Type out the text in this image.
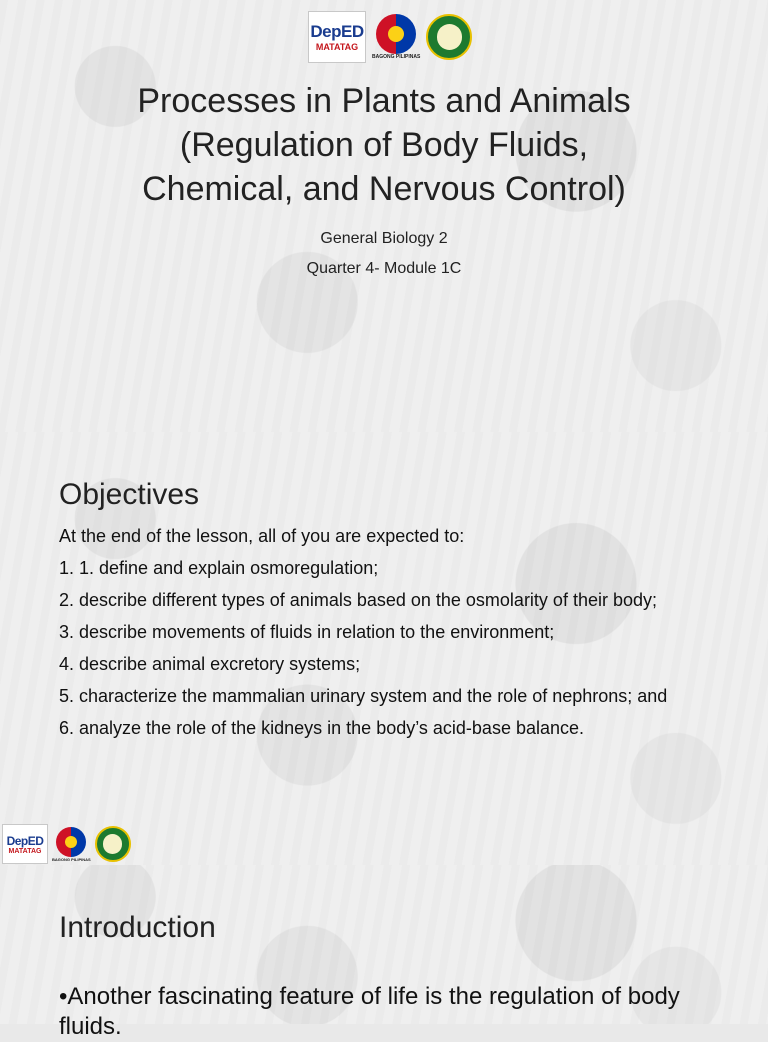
DepED
MATATAG
BAGONG PILIPINAS
Processes in Plants and Animals
(Regulation of Body Fluids,
Chemical, and Nervous Control)
General Biology 2
Quarter 4- Module 1C
Objectives

At the end of the lesson, all of you are expected to:

1. 1. define and explain osmoregulation;

2. describe different types of animals based on the osmolarity of their body;

3. describe movements of fluids in relation to the environment;

4. describe animal excretory systems;

5. characterize the mammalian urinary system and the role of nephrons; and

6. analyze the role of the kidneys in the body’s acid-base balance.

DepED
MATATAG
BAGONG PILIPINAS
Introduction
•Another fascinating feature of life is the regulation of body fluids.
